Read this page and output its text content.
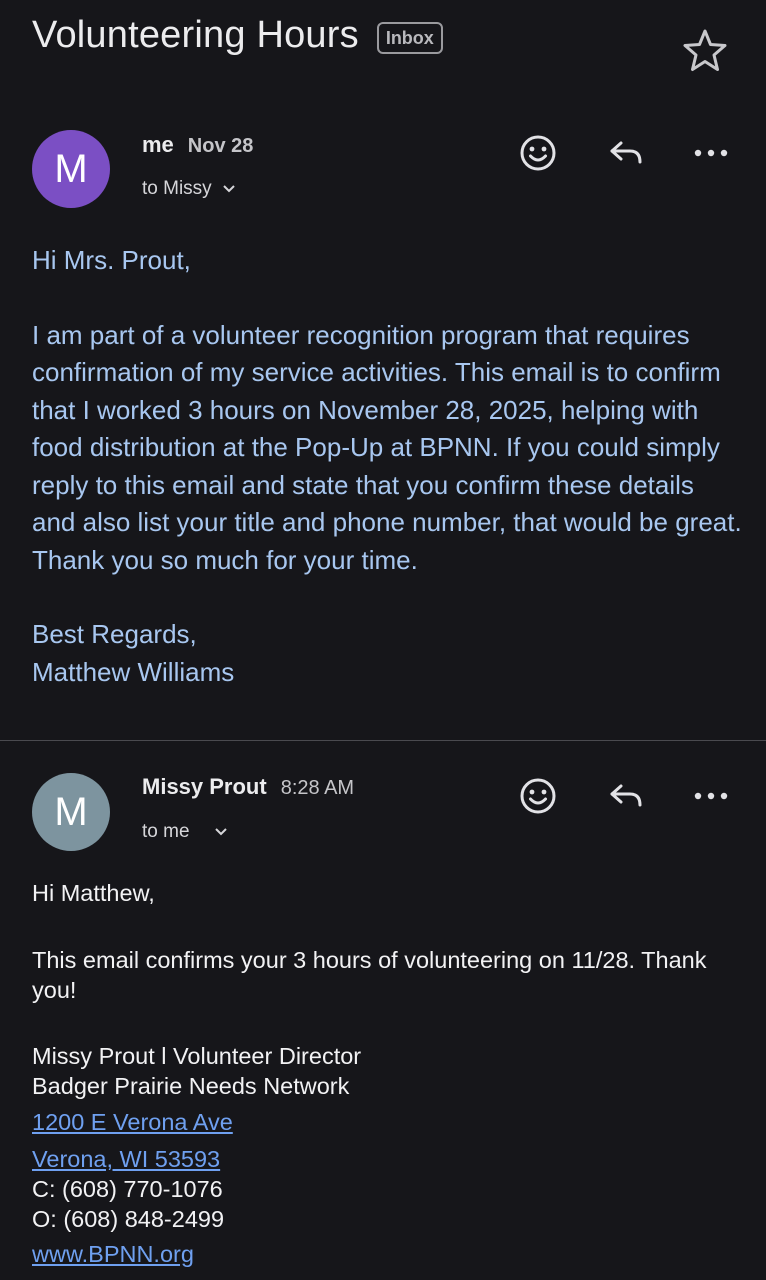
Volunteering Hours	Inbox
M
me Nov 28
to Missy

Hi Mrs. Prout,

I am part of a volunteer recognition program that requires confirmation of my service activities. This email is to confirm that I worked 3 hours on November 28, 2025, helping with food distribution at the Pop-Up at BPNN. If you could simply reply to this email and state that you confirm these details and also list your title and phone number, that would be great. Thank you so much for your time.

Best Regards,

Matthew Williams

M
Missy Prout 8:28 AM
to me

Hi Matthew,

This email confirms your 3 hours of volunteering on 11/28. Thank you!

Missy Prout l Volunteer Director

Badger Prairie Needs Network

1200 E Verona Ave
Verona, WI 53593

C: (608) 770-1076

O: (608) 848-2499

www.BPNN.org
